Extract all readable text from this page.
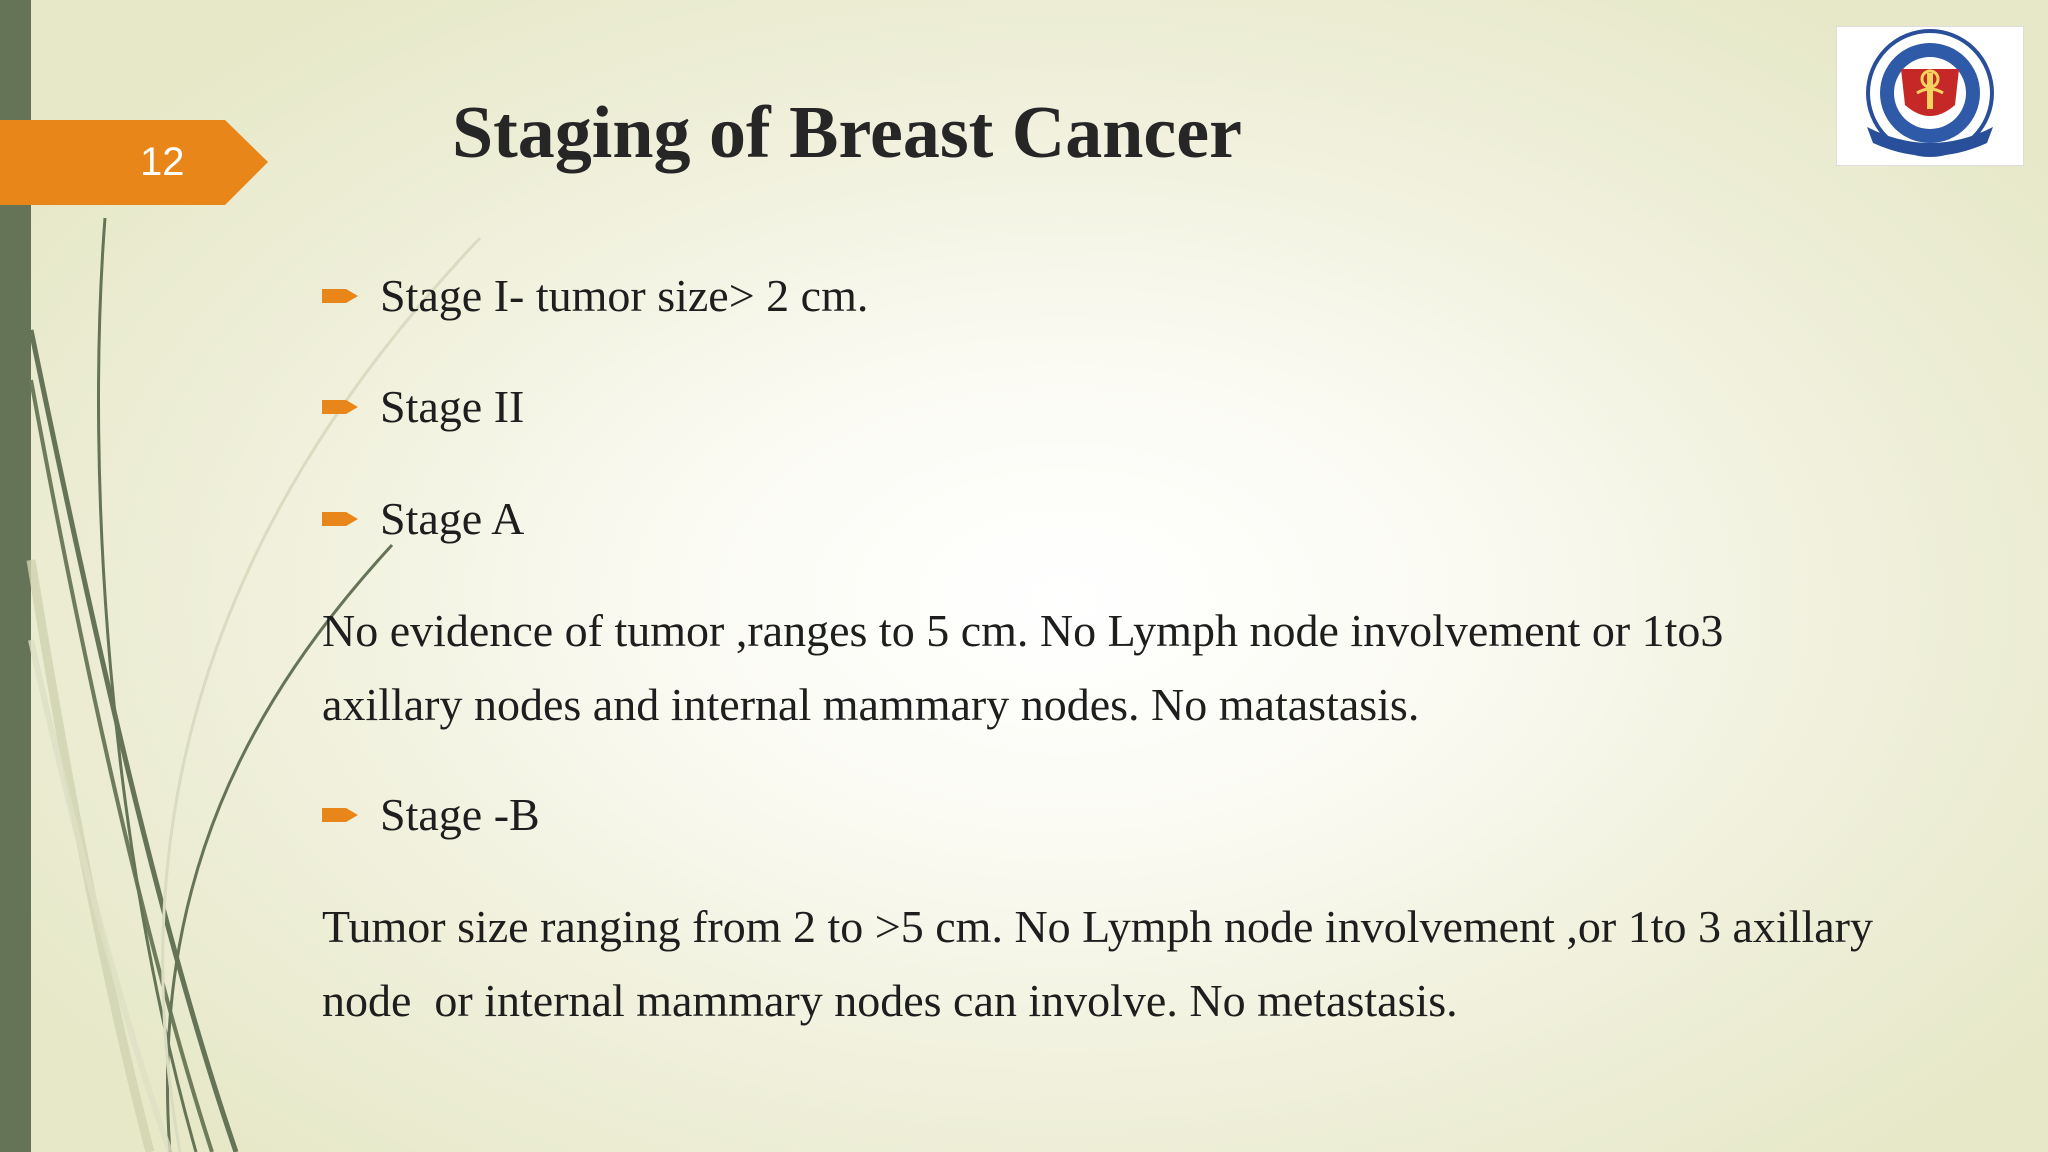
12	Staging of Breast Cancer
Stage I- tumor size> 2 cm.
Stage II
Stage A
No evidence of tumor ,ranges to 5 cm. No Lymph node involvement or 1to3
axillary nodes and internal mammary nodes. No matastasis.
Stage -B
Tumor size ranging from 2 to >5 cm. No Lymph node involvement ,or 1to 3 axillary
node  or internal mammary nodes can involve. No metastasis.
